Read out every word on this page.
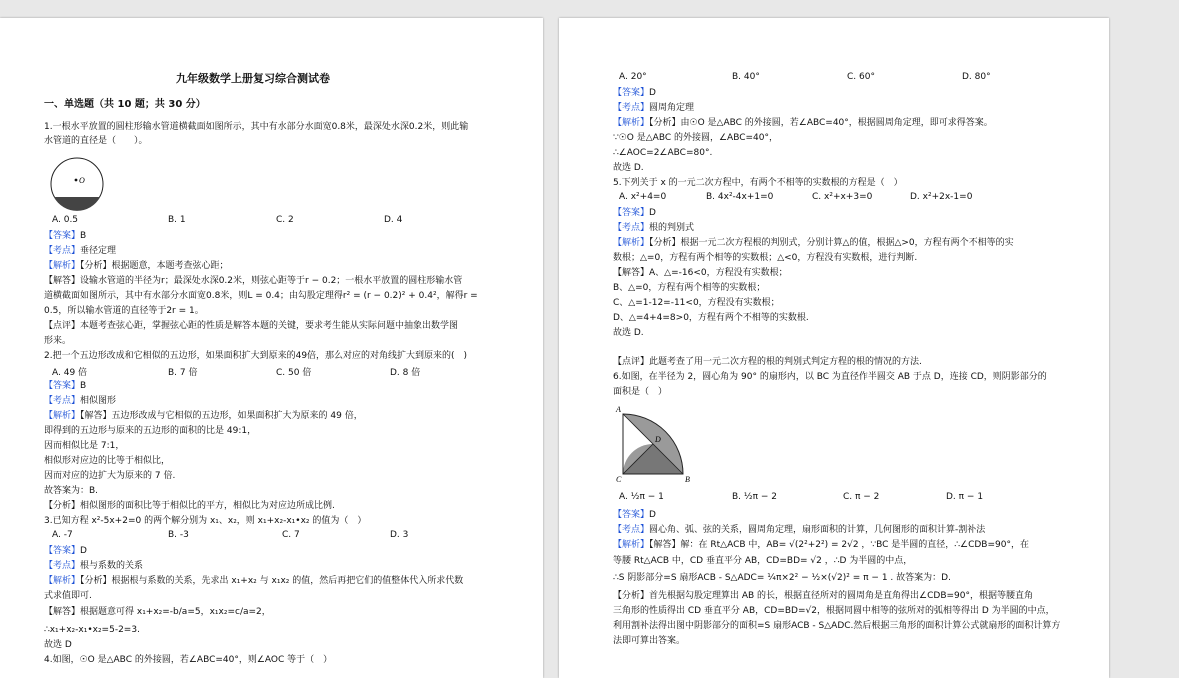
九年级数学上册复习综合测试卷
一、单选题（共 10 题；共 30 分）
1.一根水平放置的圆柱形输水管道横截面如图所示，其中有水部分水面宽0.8米，最深处水深0.2米，则此输
水管道的直径是（　　）。
O
A. 0.5	B. 1	C. 2	D. 4
【答案】B
【考点】垂径定理
【解析】【分析】根据题意，本题考查弦心距；
【解答】设输水管道的半径为r；最深处水深0.2米，则弦心距等于r − 0.2；一根水平放置的圆柱形输水管
道横截面如图所示，其中有水部分水面宽0.8米，则L = 0.4；由勾股定理得r² = (r − 0.2)² + 0.4²，解得r =
0.5，所以输水管道的直径等于2r = 1。
【点评】本题考查弦心距，掌握弦心距的性质是解答本题的关键，要求考生能从实际问题中抽象出数学图
形来。
2.把一个五边形改成和它相似的五边形，如果面积扩大到原来的49倍，那么对应的对角线扩大到原来的(　)
A. 49 倍	B. 7 倍	C. 50 倍	D. 8 倍
【答案】B
【考点】相似图形
【解析】【解答】五边形改成与它相似的五边形，如果面积扩大为原来的 49 倍，
即得到的五边形与原来的五边形的面积的比是 49:1，
因而相似比是 7:1，
相似形对应边的比等于相似比，
因而对应的边扩大为原来的 7 倍.
故答案为：B.
【分析】相似图形的面积比等于相似比的平方，相似比为对应边所成比例.
3.已知方程 x²-5x+2=0 的两个解分别为 x₁、x₂，则 x₁+x₂-x₁•x₂ 的值为（　）
A. -7	B. -3	C. 7	D. 3
【答案】D
【考点】根与系数的关系
【解析】【分析】根据根与系数的关系，先求出 x₁+x₂ 与 x₁x₂ 的值，然后再把它们的值整体代入所求代数
式求值即可.
【解答】根据题意可得 x₁+x₂=-b/a=5，x₁x₂=c/a=2，
∴x₁+x₂-x₁•x₂=5-2=3.
故选 D
4.如图，☉O 是△ABC 的外接圆，若∠ABC=40°，则∠AOC 等于（　）
A. 20°	B. 40°	C. 60°	D. 80°
【答案】D
【考点】圆周角定理
【解析】【分析】由☉O 是△ABC 的外接圆，若∠ABC=40°，根据圆周角定理，即可求得答案。
∵☉O 是△ABC 的外接圆，∠ABC=40°，
∴∠AOC=2∠ABC=80°.
故选 D.
5.下列关于 x 的一元二次方程中，有两个不相等的实数根的方程是（　）
A. x²+4=0	B. 4x²-4x+1=0	C. x²+x+3=0	D. x²+2x-1=0
【答案】D
【考点】根的判别式
【解析】【分析】根据一元二次方程根的判别式，分别计算△的值，根据△>0，方程有两个不相等的实
数根；△=0，方程有两个相等的实数根；△<0，方程没有实数根，进行判断.
【解答】A、△=-16<0，方程没有实数根；
B、△=0，方程有两个相等的实数根；
C、△=1-12=-11<0，方程没有实数根；
D、△=4+4=8>0，方程有两个不相等的实数根.
故选 D.
【点评】此题考查了用一元二次方程的根的判别式判定方程的根的情况的方法.
6.如图，在半径为 2，圆心角为 90° 的扇形内，以 BC 为直径作半圆交 AB 于点 D，连接 CD，则阴影部分的
面积是（　）
A
B
C
D
A. ½π − 1	B. ½π − 2	C. π − 2	D. π − 1
【答案】D
【考点】圆心角、弧、弦的关系，圆周角定理，扇形面积的计算，几何图形的面积计算-割补法
【解析】【解答】解：在 Rt△ACB 中，AB= √(2²+2²) = 2√2 ，∵BC 是半圆的直径，∴∠CDB=90°，在
等腰 Rt△ACB 中，CD 垂直平分 AB，CD=BD= √2 ，∴D 为半圆的中点，
∴S 阴影部分=S 扇形ACB - S△ADC= ¼π×2² − ½×(√2)² = π − 1 . 故答案为：D.
【分析】首先根据勾股定理算出 AB 的长，根据直径所对的圆周角是直角得出∠CDB=90°，根据等腰直角
三角形的性质得出 CD 垂直平分 AB，CD=BD=√2，根据同圆中相等的弦所对的弧相等得出 D 为半圆的中点，
利用割补法得出图中阴影部分的面积=S 扇形ACB - S△ADC.然后根据三角形的面积计算公式就扇形的面积计算方
法即可算出答案。
